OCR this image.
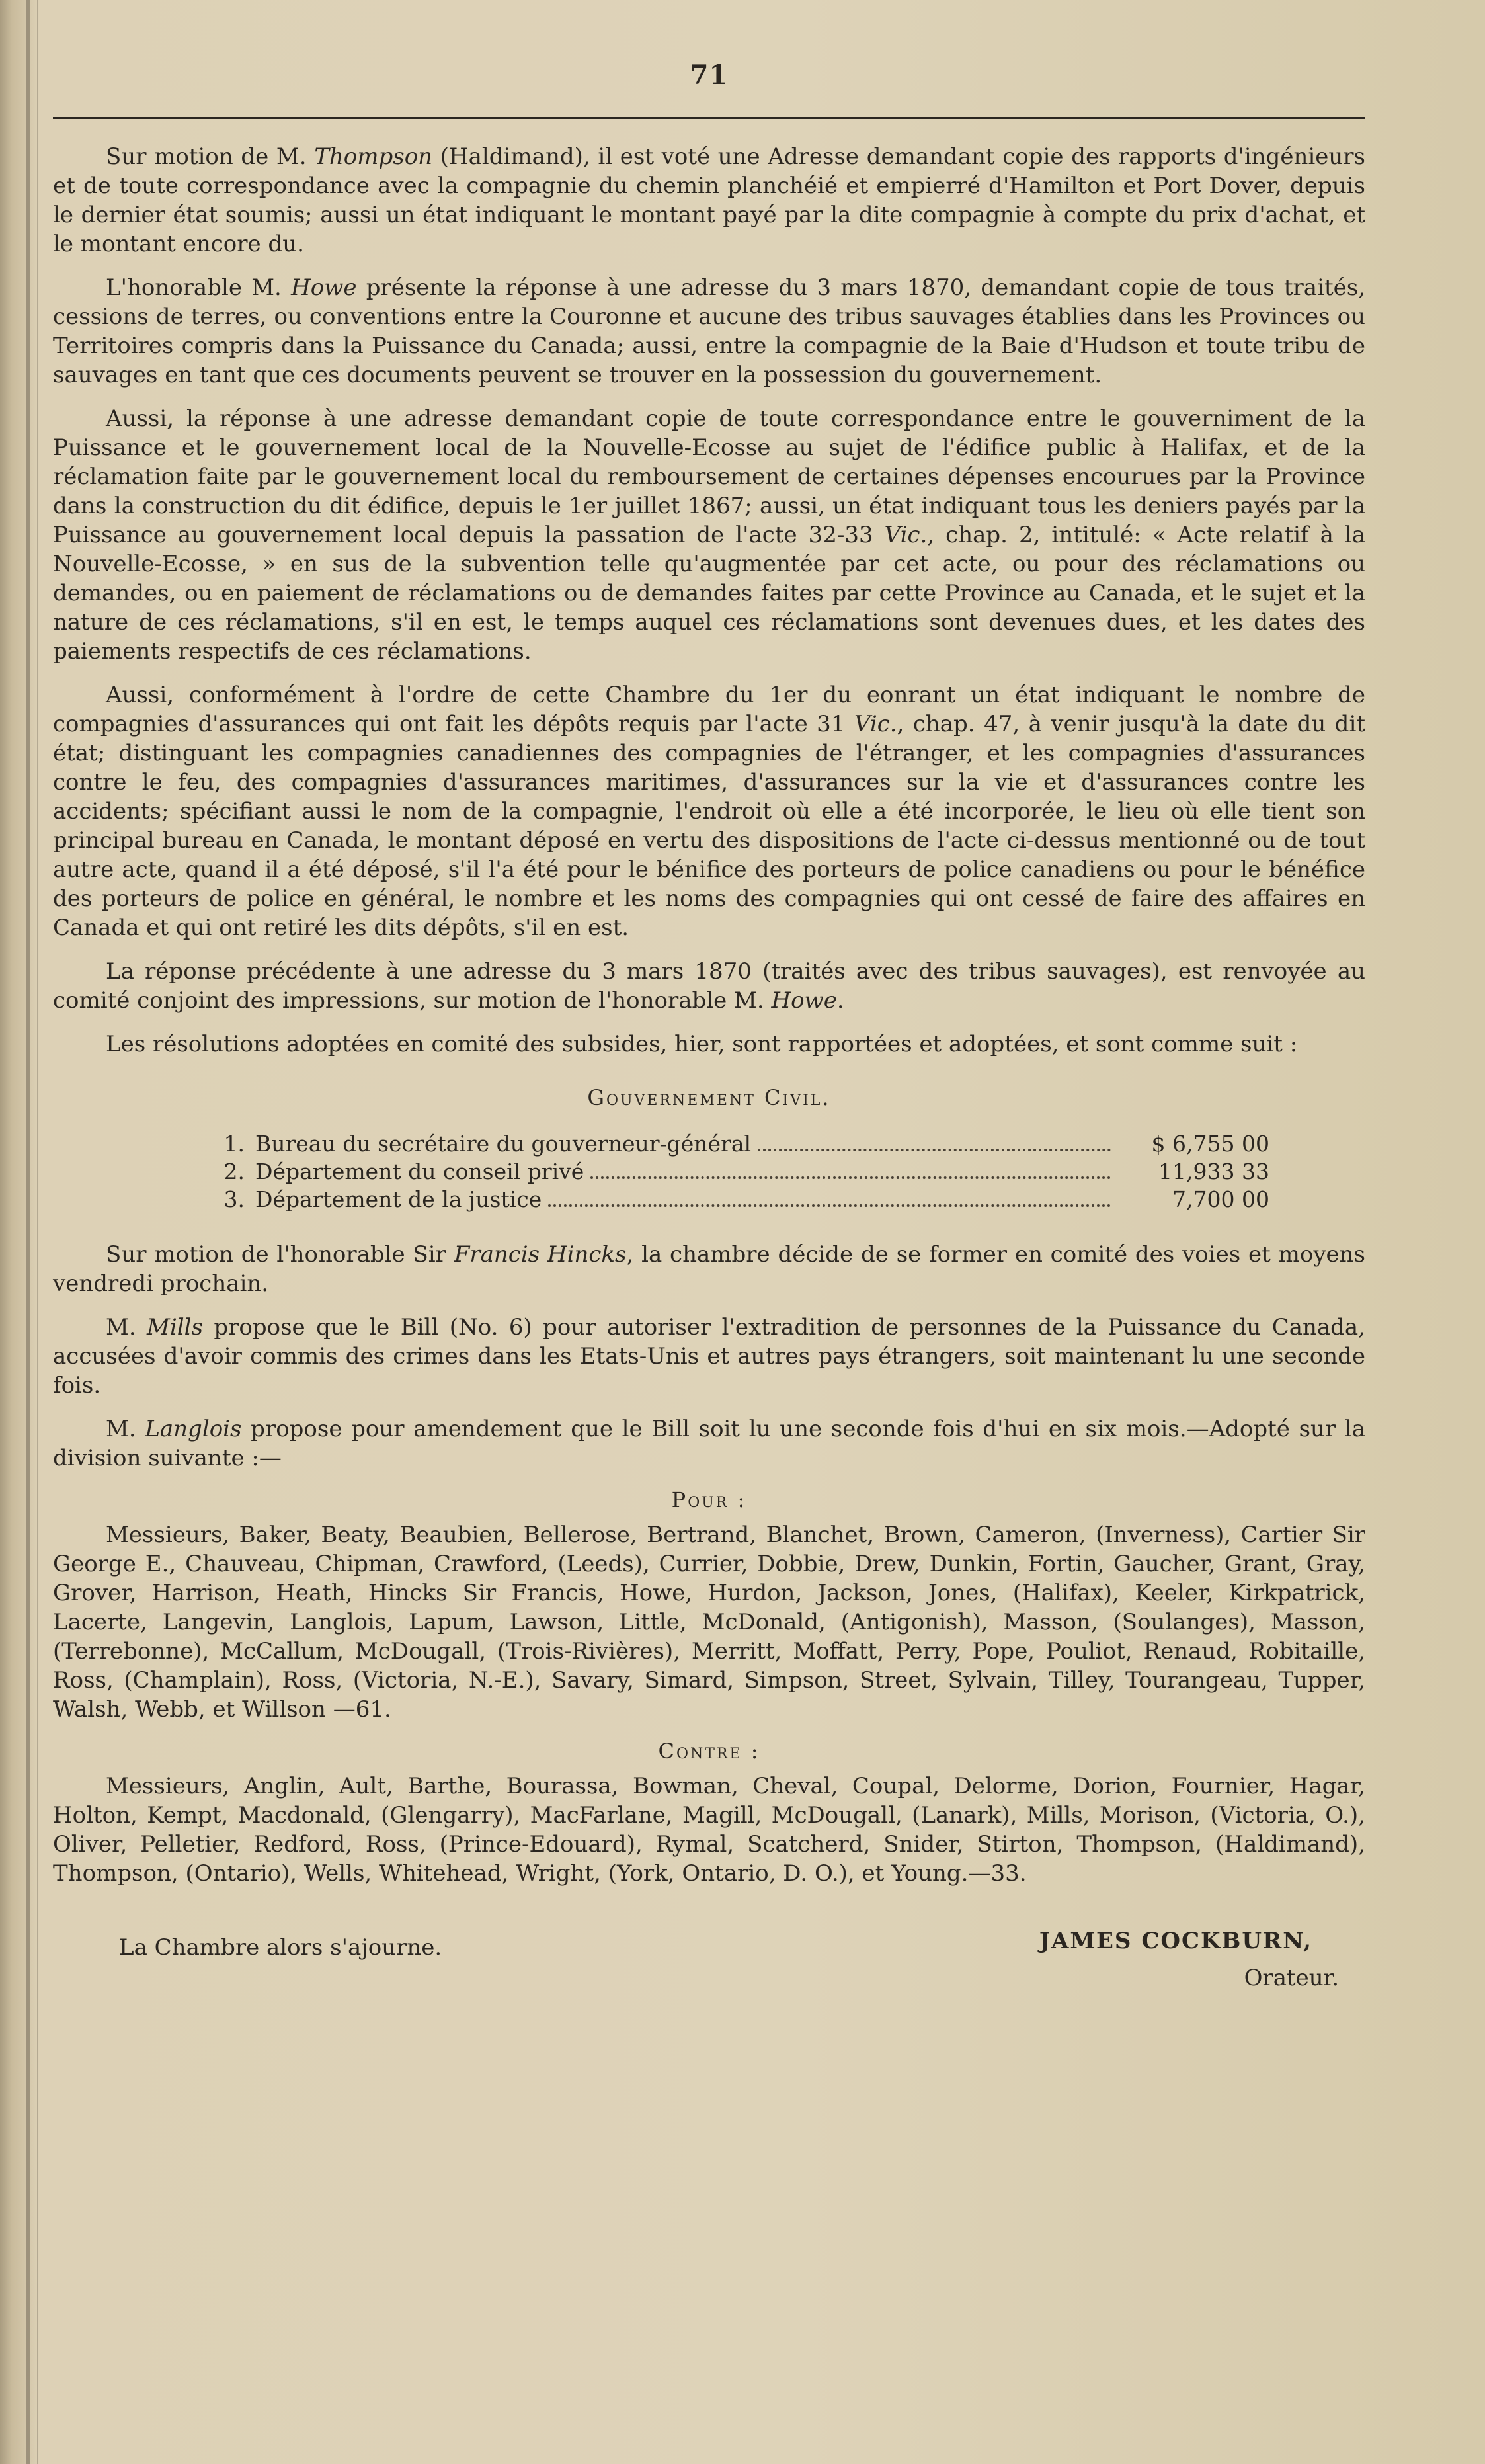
71

Sur motion de M. Thompson (Haldimand), il est voté une Adresse demandant copie des rapports d'ingénieurs et de toute correspondance avec la compagnie du chemin planchéié et empierré d'Hamilton et Port Dover, depuis le dernier état soumis; aussi un état indiquant le montant payé par la dite compagnie à compte du prix d'achat, et le montant encore du.

L'honorable M. Howe présente la réponse à une adresse du 3 mars 1870, demandant copie de tous traités, cessions de terres, ou conventions entre la Couronne et aucune des tribus sauvages établies dans les Provinces ou Territoires compris dans la Puissance du Canada; aussi, entre la compagnie de la Baie d'Hudson et toute tribu de sauvages en tant que ces documents peuvent se trouver en la possession du gouvernement.

Aussi, la réponse à une adresse demandant copie de toute correspondance entre le gouverniment de la Puissance et le gouvernement local de la Nouvelle-Ecosse au sujet de l'édifice public à Halifax, et de la réclamation faite par le gouvernement local du remboursement de certaines dépenses encourues par la Province dans la construction du dit édifice, depuis le 1er juillet 1867; aussi, un état indiquant tous les deniers payés par la Puissance au gouvernement local depuis la passation de l'acte 32-33 Vic., chap. 2, intitulé: « Acte relatif à la Nouvelle-Ecosse, » en sus de la subvention telle qu'augmentée par cet acte, ou pour des réclamations ou demandes, ou en paiement de réclamations ou de demandes faites par cette Province au Canada, et le sujet et la nature de ces réclamations, s'il en est, le temps auquel ces réclamations sont devenues dues, et les dates des paiements respectifs de ces réclamations.

Aussi, conformément à l'ordre de cette Chambre du 1er du eonrant un état indiquant le nombre de compagnies d'assurances qui ont fait les dépôts requis par l'acte 31 Vic., chap. 47, à venir jusqu'à la date du dit état; distinguant les compagnies canadiennes des compagnies de l'étranger, et les compagnies d'assurances contre le feu, des compagnies d'assurances maritimes, d'assurances sur la vie et d'assurances contre les accidents; spécifiant aussi le nom de la compagnie, l'endroit où elle a été incorporée, le lieu où elle tient son principal bureau en Canada, le montant déposé en vertu des dispositions de l'acte ci-dessus mentionné ou de tout autre acte, quand il a été déposé, s'il l'a été pour le bénifice des porteurs de police canadiens ou pour le bénéfice des porteurs de police en général, le nombre et les noms des compagnies qui ont cessé de faire des affaires en Canada et qui ont retiré les dits dépôts, s'il en est.

La réponse précédente à une adresse du 3 mars 1870 (traités avec des tribus sauvages), est renvoyée au comité conjoint des impressions, sur motion de l'honorable M. Howe.

Les résolutions adoptées en comité des subsides, hier, sont rapportées et adoptées, et sont comme suit :

Gouvernement Civil.
1. Bureau du secrétaire du gouverneur-général	$ 6,755 00
2. Département du conseil privé	11,933 33
3. Département de la justice	7,700 00

Sur motion de l'honorable Sir Francis Hincks, la chambre décide de se former en comité des voies et moyens vendredi prochain.

M. Mills propose que le Bill (No. 6) pour autoriser l'extradition de personnes de la Puissance du Canada, accusées d'avoir commis des crimes dans les Etats-Unis et autres pays étrangers, soit maintenant lu une seconde fois.

M. Langlois propose pour amendement que le Bill soit lu une seconde fois d'hui en six mois.—Adopté sur la division suivante :—

Pour :

Messieurs, Baker, Beaty, Beaubien, Bellerose, Bertrand, Blanchet, Brown, Cameron, (Inverness), Cartier Sir George E., Chauveau, Chipman, Crawford, (Leeds), Currier, Dobbie, Drew, Dunkin, Fortin, Gaucher, Grant, Gray, Grover, Harrison, Heath, Hincks Sir Francis, Howe, Hurdon, Jackson, Jones, (Halifax), Keeler, Kirkpatrick, Lacerte, Langevin, Langlois, Lapum, Lawson, Little, McDonald, (Antigonish), Masson, (Soulanges), Masson, (Terrebonne), McCallum, McDougall, (Trois-Rivières), Merritt, Moffatt, Perry, Pope, Pouliot, Renaud, Robitaille, Ross, (Champlain), Ross, (Victoria, N.-E.), Savary, Simard, Simpson, Street, Sylvain, Tilley, Tourangeau, Tupper, Walsh, Webb, et Willson —61.

Contre :

Messieurs, Anglin, Ault, Barthe, Bourassa, Bowman, Cheval, Coupal, Delorme, Dorion, Fournier, Hagar, Holton, Kempt, Macdonald, (Glengarry), MacFarlane, Magill, McDougall, (Lanark), Mills, Morison, (Victoria, O.), Oliver, Pelletier, Redford, Ross, (Prince-Edouard), Rymal, Scatcherd, Snider, Stirton, Thompson, (Haldimand), Thompson, (Ontario), Wells, Whitehead, Wright, (York, Ontario, D. O.), et Young.—33.

La Chambre alors s'ajourne.	JAMES COCKBURN,
Orateur.
